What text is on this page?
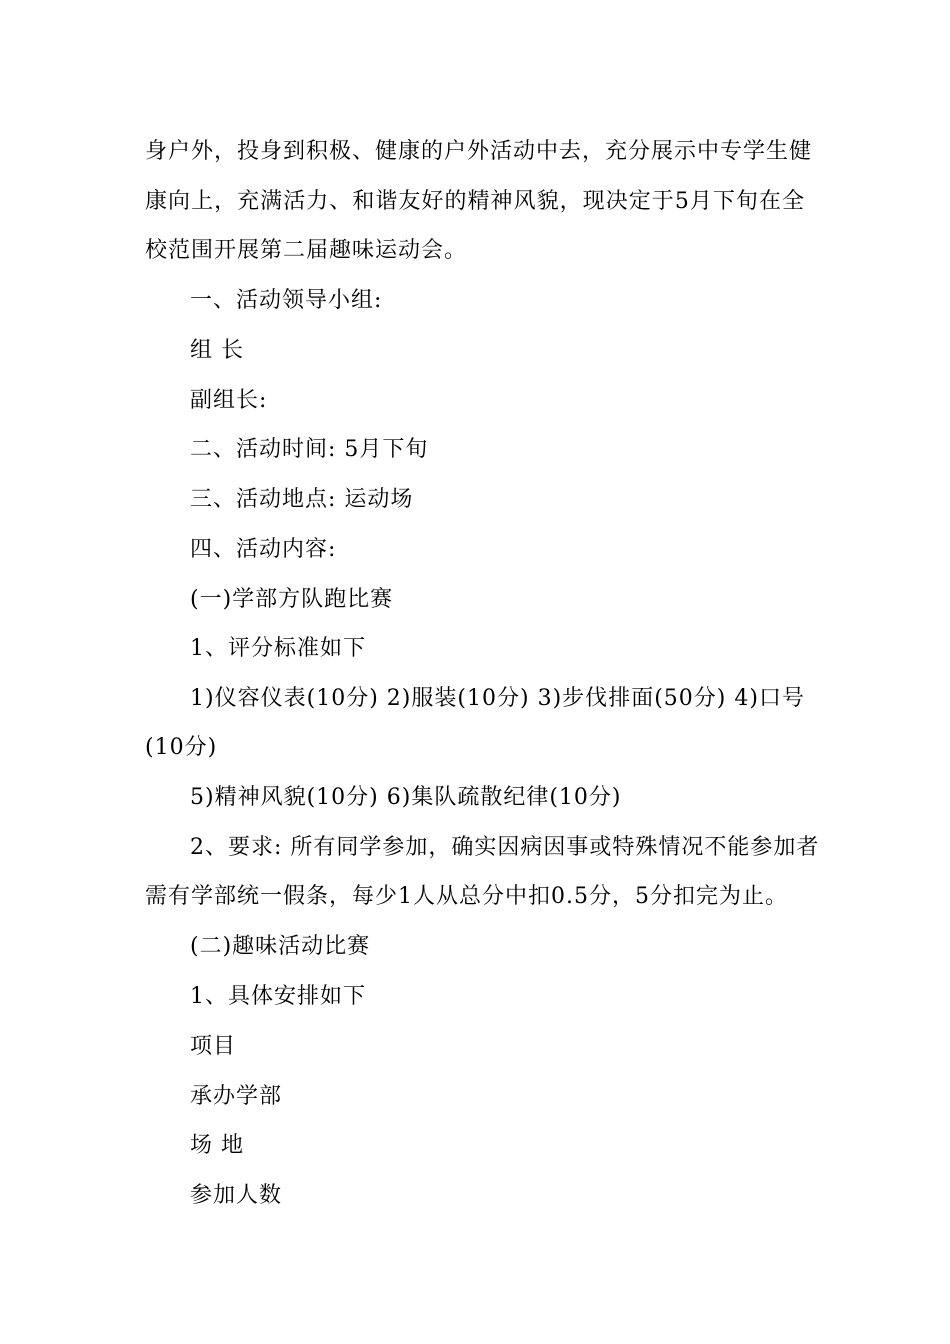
身户外，投身到积极、健康的户外活动中去，充分展示中专学生健
康向上，充满活力、和谐友好的精神风貌，现决定于5月下旬在全
校范围开展第二届趣味运动会。
一、活动领导小组:
组 长
副组长:
二、活动时间: 5月下旬
三、活动地点: 运动场
四、活动内容:
(一)学部方队跑比赛
1、评分标准如下
1)仪容仪表(10分) 2)服装(10分) 3)步伐排面(50分) 4)口号
(10分)
5)精神风貌(10分) 6)集队疏散纪律(10分)
2、要求: 所有同学参加，确实因病因事或特殊情况不能参加者
需有学部统一假条，每少1人从总分中扣0.5分，5分扣完为止。
(二)趣味活动比赛
1、具体安排如下
项目
承办学部
场 地
参加人数
